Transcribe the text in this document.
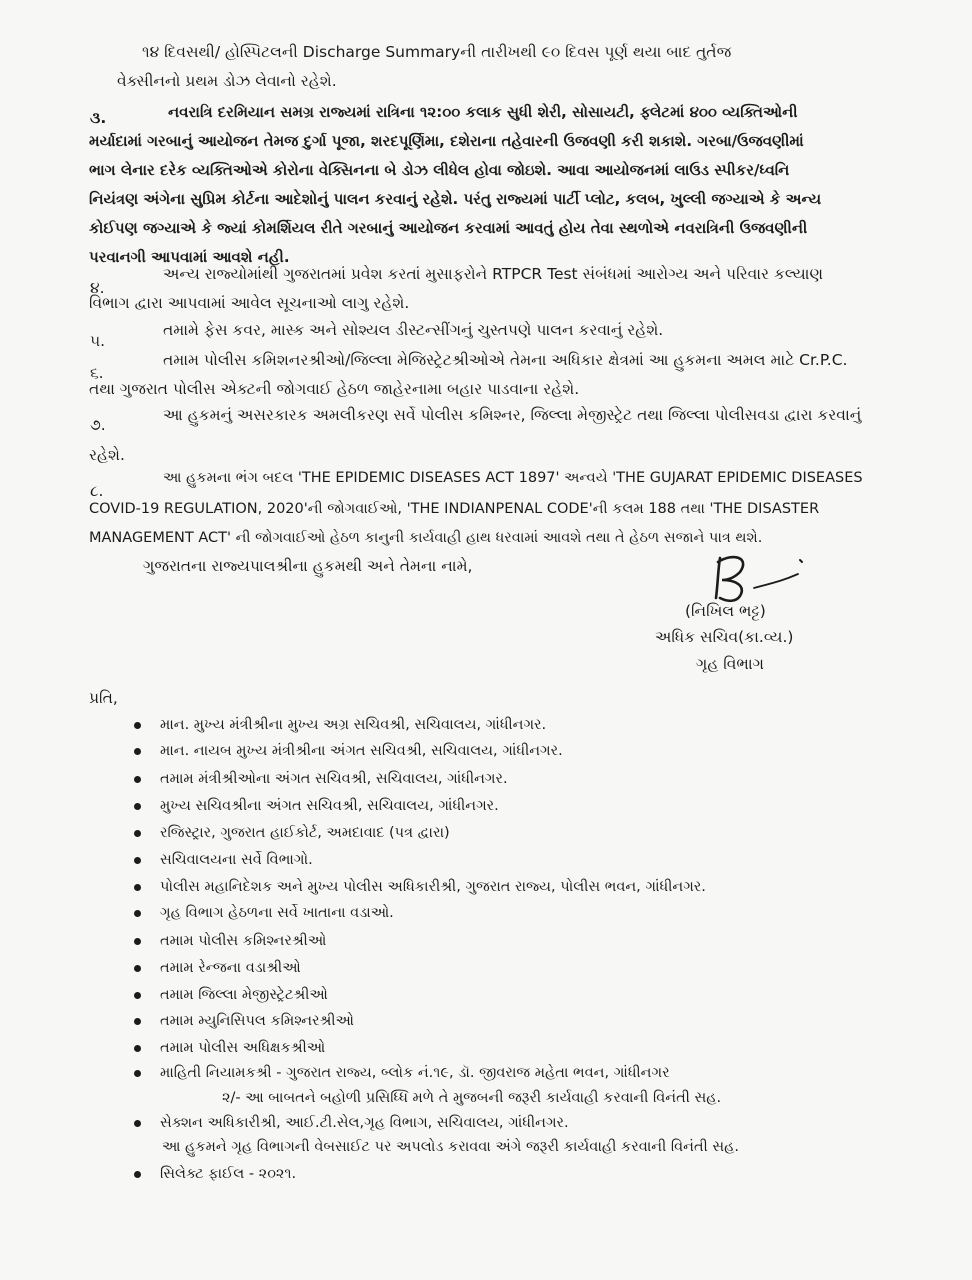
૧૪ દિવસથી/ હોસ્પિટલની Discharge Summaryની તારીખથી ૯૦ દિવસ પૂર્ણ થયા બાદ તુર્તજ
વેક્સીનનો પ્રથમ ડોઝ લેવાનો રહેશે.
૩.	નવરાત્રિ દરમિયાન સમગ્ર રાજ્યમાં રાત્રિના ૧૨:૦૦ કલાક સુધી શેરી, સોસાયટી, ફ્લેટમાં ૪૦૦ વ્યક્તિઓની
મર્યાદામાં ગરબાનું આયોજન તેમજ દુર્ગા પૂજા, શરદપૂર્ણિમા, દશેરાના તહેવારની ઉજવણી કરી શકાશે. ગરબા/ઉજવણીમાં
ભાગ લેનાર દરેક વ્યક્તિઓએ કોરોના વેક્સિનના બે ડોઝ લીધેલ હોવા જોઇશે. આવા આયોજનમાં લાઉડ સ્પીકર/ધ્વનિ
નિયંત્રણ અંગેના સુપ્રિમ કોર્ટના આદેશોનું પાલન કરવાનું રહેશે. પરંતુ રાજ્યમાં પાર્ટી પ્લોટ, કલબ, ખુલ્લી જગ્યાએ કે અન્ય
કોઈપણ જગ્યાએ કે જ્યાં કોમર્શિયલ રીતે ગરબાનું આયોજન કરવામાં આવતું હોય તેવા સ્થળોએ નવરાત્રિની ઉજવણીની
પરવાનગી આપવામાં આવશે નહી.
૪.
અન્ય રાજ્યોમાંથી ગુજરાતમાં પ્રવેશ કરતાં મુસાફરોને RTPCR Test સંબંધમાં આરોગ્ય અને પરિવાર કલ્યાણ
વિભાગ દ્વારા આપવામાં આવેલ સૂચનાઓ લાગુ રહેશે.
૫.
તમામે ફેસ કવર, માસ્ક અને સોશ્યલ ડીસ્ટન્સીંગનું ચુસ્તપણે પાલન કરવાનું રહેશે.
૬.
તમામ પોલીસ કમિશનરશ્રીઓ/જિલ્લા મેજિસ્ટ્રેટશ્રીઓએ તેમના અધિકાર ક્ષેત્રમાં આ હુકમના અમલ માટે Cr.P.C.
તથા ગુજરાત પોલીસ એક્ટની જોગવાઈ હેઠળ જાહેરનામા બહાર પાડવાના રહેશે.
૭.
આ હુકમનું અસરકારક અમલીકરણ સર્વે પોલીસ કમિશ્નર, જિલ્લા મેજીસ્ટ્રેટ તથા જિલ્લા પોલીસવડા દ્વારા કરવાનું
રહેશે.
૮.
આ હુકમના ભંગ બદલ 'THE EPIDEMIC DISEASES ACT 1897' અન્વયે 'THE GUJARAT EPIDEMIC DISEASES
COVID-19 REGULATION, 2020'ની જોગવાઈઓ, 'THE INDIANPENAL CODE'ની કલમ 188 તથા 'THE DISASTER
MANAGEMENT ACT' ની જોગવાઈઓ હેઠળ કાનુની કાર્યવાહી હાથ ધરવામાં આવશે તથા તે હેઠળ સજાને પાત્ર થશે.
ગુજરાતના રાજ્યપાલશ્રીના હુકમથી અને તેમના નામે,
(નિખિલ ભટ્ટ)
અધિક સચિવ(કા.વ્ય.)
ગૃહ વિભાગ
પ્રતિ,
માન. મુખ્ય મંત્રીશ્રીના મુખ્ય અગ્ર સચિવશ્રી, સચિવાલય, ગાંધીનગર.
માન. નાયબ મુખ્ય મંત્રીશ્રીના અંગત સચિવશ્રી, સચિવાલય, ગાંધીનગર.
તમામ મંત્રીશ્રીઓના અંગત સચિવશ્રી, સચિવાલય, ગાંધીનગર.
મુખ્ય સચિવશ્રીના અંગત સચિવશ્રી, સચિવાલય, ગાંધીનગર.
રજિસ્ટ્રાર, ગુજરાત હાઈકોર્ટ, અમદાવાદ (પત્ર દ્વારા)
સચિવાલયના સર્વે વિભાગો.
પોલીસ મહાનિદેશક અને મુખ્ય પોલીસ અધિકારીશ્રી, ગુજરાત રાજ્ય, પોલીસ ભવન, ગાંધીનગર.
ગૃહ વિભાગ હેઠળના સર્વે ખાતાના વડાઓ.
તમામ પોલીસ કમિશ્નરશ્રીઓ
તમામ રેન્જના વડાશ્રીઓ
તમામ જિલ્લા મેજીસ્ટ્રેટશ્રીઓ
તમામ મ્યુનિસિપલ કમિશ્નરશ્રીઓ
તમામ પોલીસ અધિક્ષકશ્રીઓ
માહિતી નિયામકશ્રી - ગુજરાત રાજ્ય, બ્લોક નં.૧૯, ડૉ. જીવરાજ મહેતા ભવન, ગાંધીનગર
૨/- આ બાબતને બહોળી પ્રસિધ્ધિ મળે તે મુજબની જરૂરી કાર્યવાહી કરવાની વિનંતી સહ.
સેક્શન અધિકારીશ્રી, આઈ.ટી.સેલ,ગૃહ વિભાગ, સચિવાલય, ગાંધીનગર.
આ હુકમને ગૃહ વિભાગની વેબસાઈટ પર અપલોડ કરાવવા અંગે જરૂરી કાર્યવાહી કરવાની વિનંતી સહ.
સિલેક્ટ ફાઈલ - ૨૦૨૧.
